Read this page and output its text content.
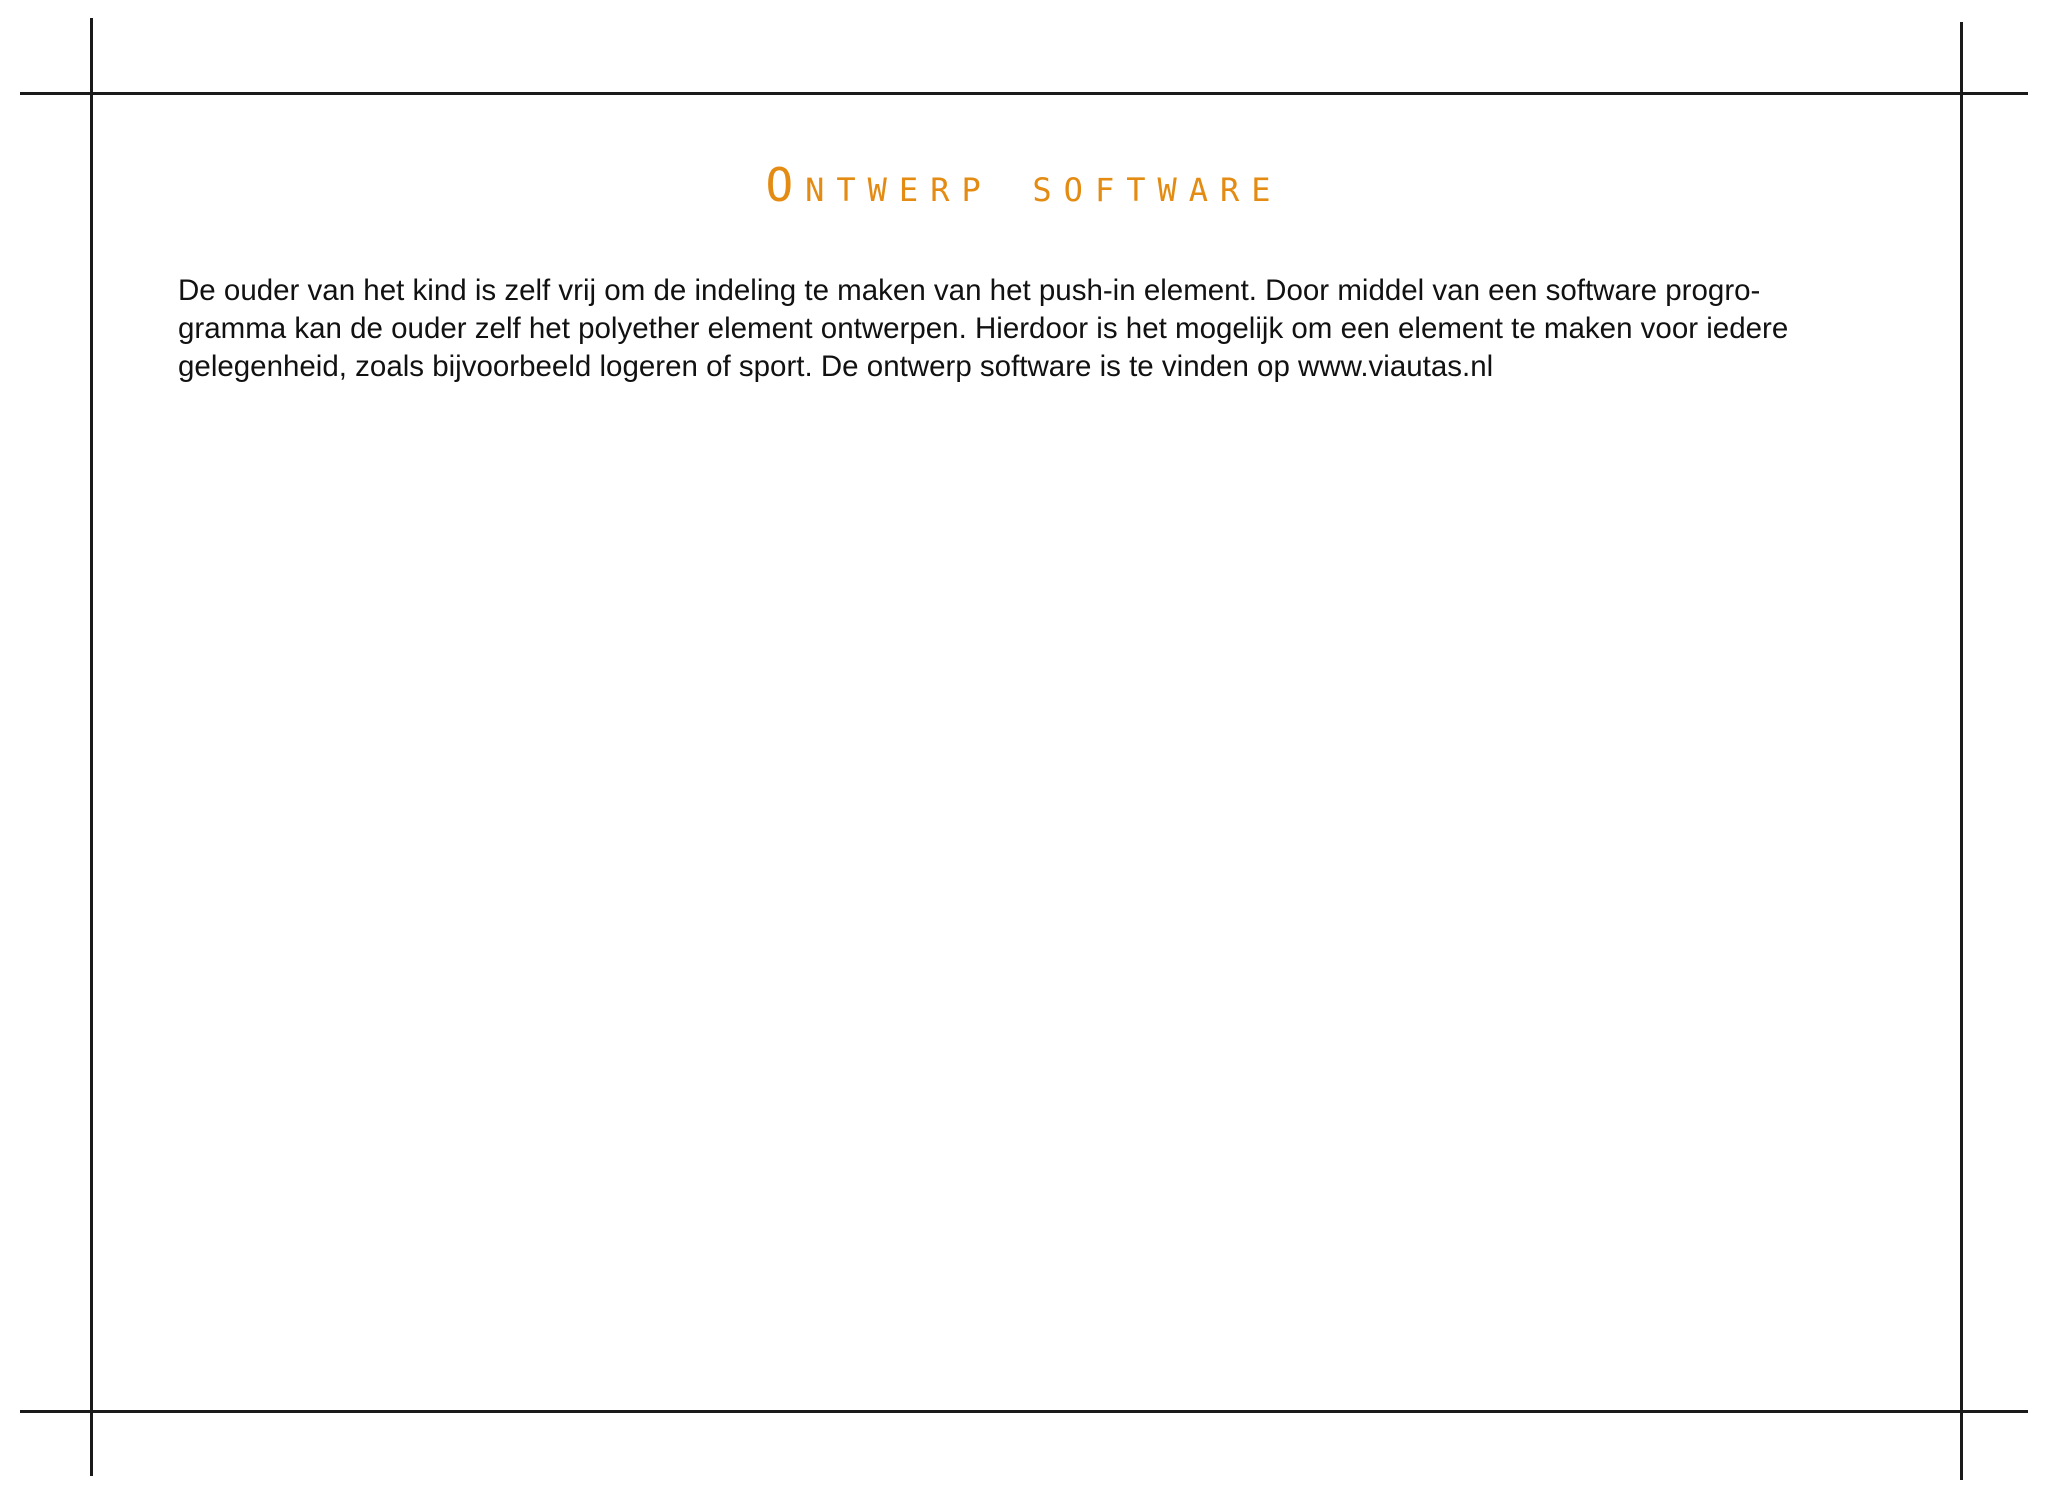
Ontwerp software

De ouder van het kind is zelf vrij om de indeling te maken van het push-in element. Door middel van een software progro-
gramma kan de ouder zelf het polyether element ontwerpen. Hierdoor is het mogelijk om een element te maken voor iedere
gelegenheid, zoals bijvoorbeeld logeren of sport. De ontwerp software is te vinden op www.viautas.nl
